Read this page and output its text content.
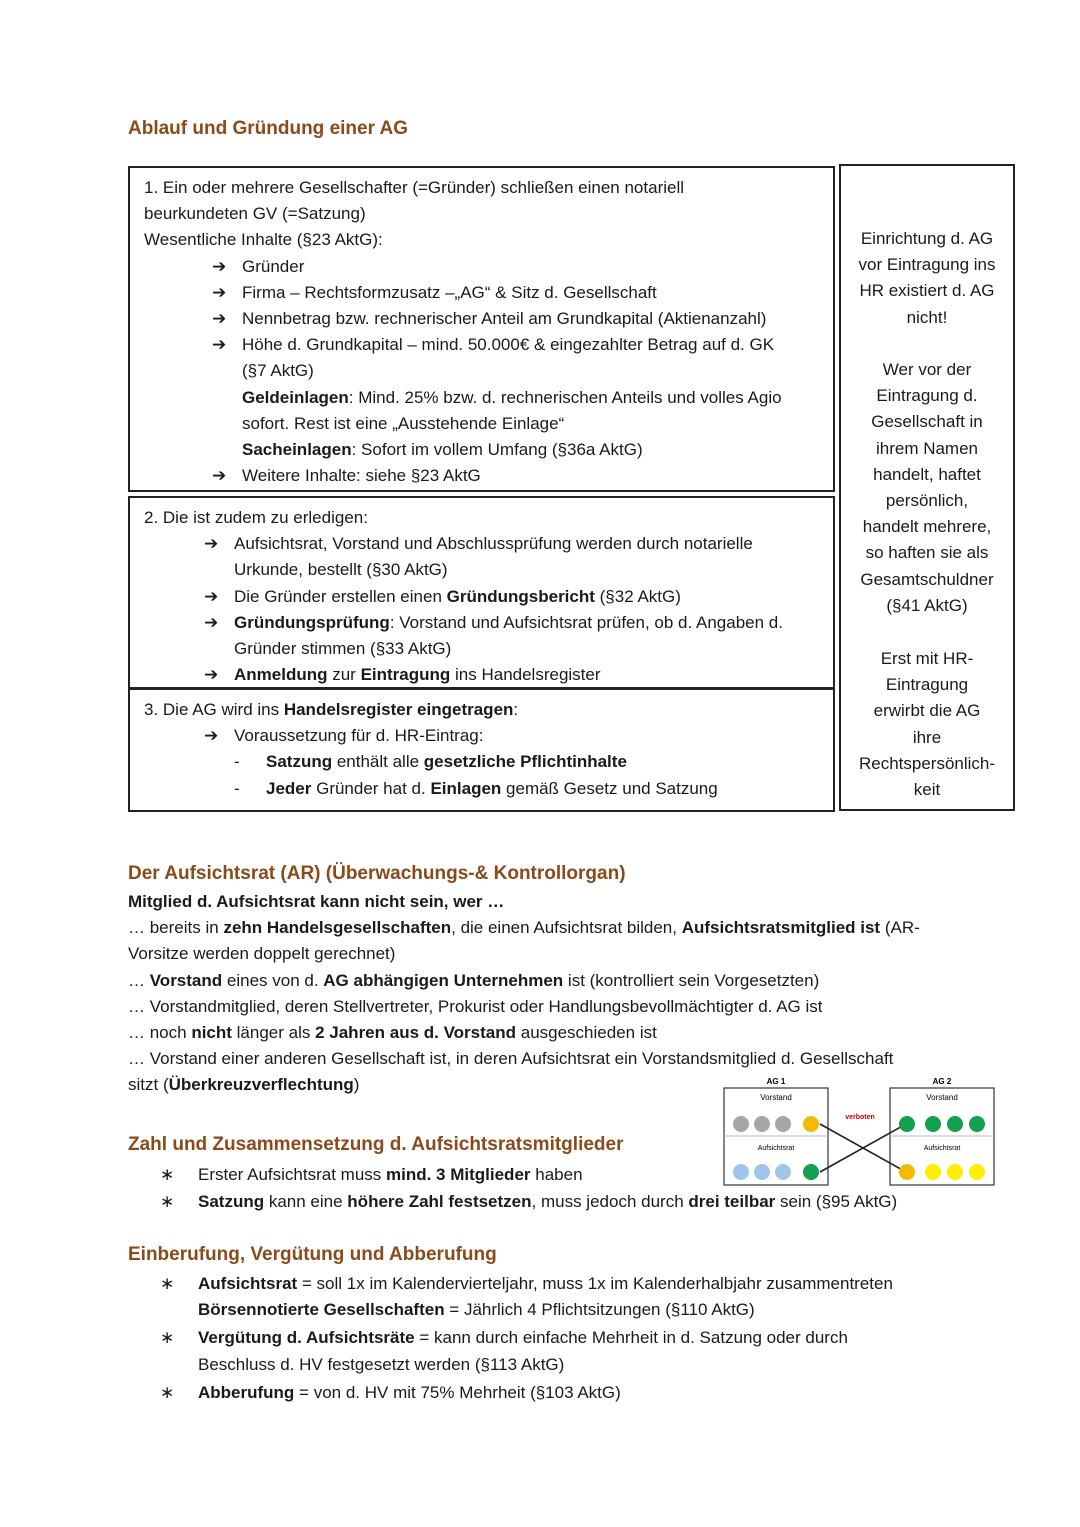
Ablauf und Gründung einer AG
1. Ein oder mehrere Gesellschafter (=Gründer) schließen einen notariell
beurkundeten GV (=Satzung)
Wesentliche Inhalte (§23 AktG):
➔ Gründer
➔ Firma – Rechtsformzusatz –„AG“ & Sitz d. Gesellschaft
➔ Nennbetrag bzw. rechnerischer Anteil am Grundkapital (Aktienanzahl)
➔ Höhe d. Grundkapital – mind. 50.000€ & eingezahlter Betrag auf d. GK
(§7 AktG)
Geldeinlagen: Mind. 25% bzw. d. rechnerischen Anteils und volles Agio
sofort. Rest ist eine „Ausstehende Einlage“
Sacheinlagen: Sofort im vollem Umfang (§36a AktG)
➔ Weitere Inhalte: siehe §23 AktG
2. Die ist zudem zu erledigen:
➔ Aufsichtsrat, Vorstand und Abschlussprüfung werden durch notarielle
Urkunde, bestellt (§30 AktG)
➔ Die Gründer erstellen einen Gründungsbericht (§32 AktG)
➔ Gründungsprüfung: Vorstand und Aufsichtsrat prüfen, ob d. Angaben d.
Gründer stimmen (§33 AktG)
➔ Anmeldung zur Eintragung ins Handelsregister
3. Die AG wird ins Handelsregister eingetragen:
➔ Voraussetzung für d. HR-Eintrag:
- Satzung enthält alle gesetzliche Pflichtinhalte
- Jeder Gründer hat d. Einlagen gemäß Gesetz und Satzung
Einrichtung d. AG
vor Eintragung ins
HR existiert d. AG
nicht!
Wer vor der
Eintragung d.
Gesellschaft in
ihrem Namen
handelt, haftet
persönlich,
handelt mehrere,
so haften sie als
Gesamtschuldner
(§41 AktG)
Erst mit HR-
Eintragung
erwirbt die AG
ihre
Rechtspersönlich-
keit
Der Aufsichtsrat (AR) (Überwachungs-& Kontrollorgan)
Mitglied d. Aufsichtsrat kann nicht sein, wer …
… bereits in zehn Handelsgesellschaften, die einen Aufsichtsrat bilden, Aufsichtsratsmitglied ist (AR-
Vorsitze werden doppelt gerechnet)
… Vorstand eines von d. AG abhängigen Unternehmen ist (kontrolliert sein Vorgesetzten)
… Vorstandmitglied, deren Stellvertreter, Prokurist oder Handlungsbevollmächtigter d. AG ist
… noch nicht länger als 2 Jahren aus d. Vorstand ausgeschieden ist
… Vorstand einer anderen Gesellschaft ist, in deren Aufsichtsrat ein Vorstandsmitglied d. Gesellschaft
sitzt (Überkreuzverflechtung)	AG 1	AG 2
Vorstand
Aufsichtsrat
Vorstand
Aufsichtsrat
verboten
Zahl und Zusammensetzung d. Aufsichtsratsmitglieder
∗ Erster Aufsichtsrat muss mind. 3 Mitglieder haben
∗ Satzung kann eine höhere Zahl festsetzen, muss jedoch durch drei teilbar sein (§95 AktG)
Einberufung, Vergütung und Abberufung
∗ Aufsichtsrat = soll 1x im Kalendervierteljahr, muss 1x im Kalenderhalbjahr zusammentreten
Börsennotierte Gesellschaften = Jährlich 4 Pflichtsitzungen (§110 AktG)
∗ Vergütung d. Aufsichtsräte = kann durch einfache Mehrheit in d. Satzung oder durch
Beschluss d. HV festgesetzt werden (§113 AktG)
∗ Abberufung = von d. HV mit 75% Mehrheit (§103 AktG)
